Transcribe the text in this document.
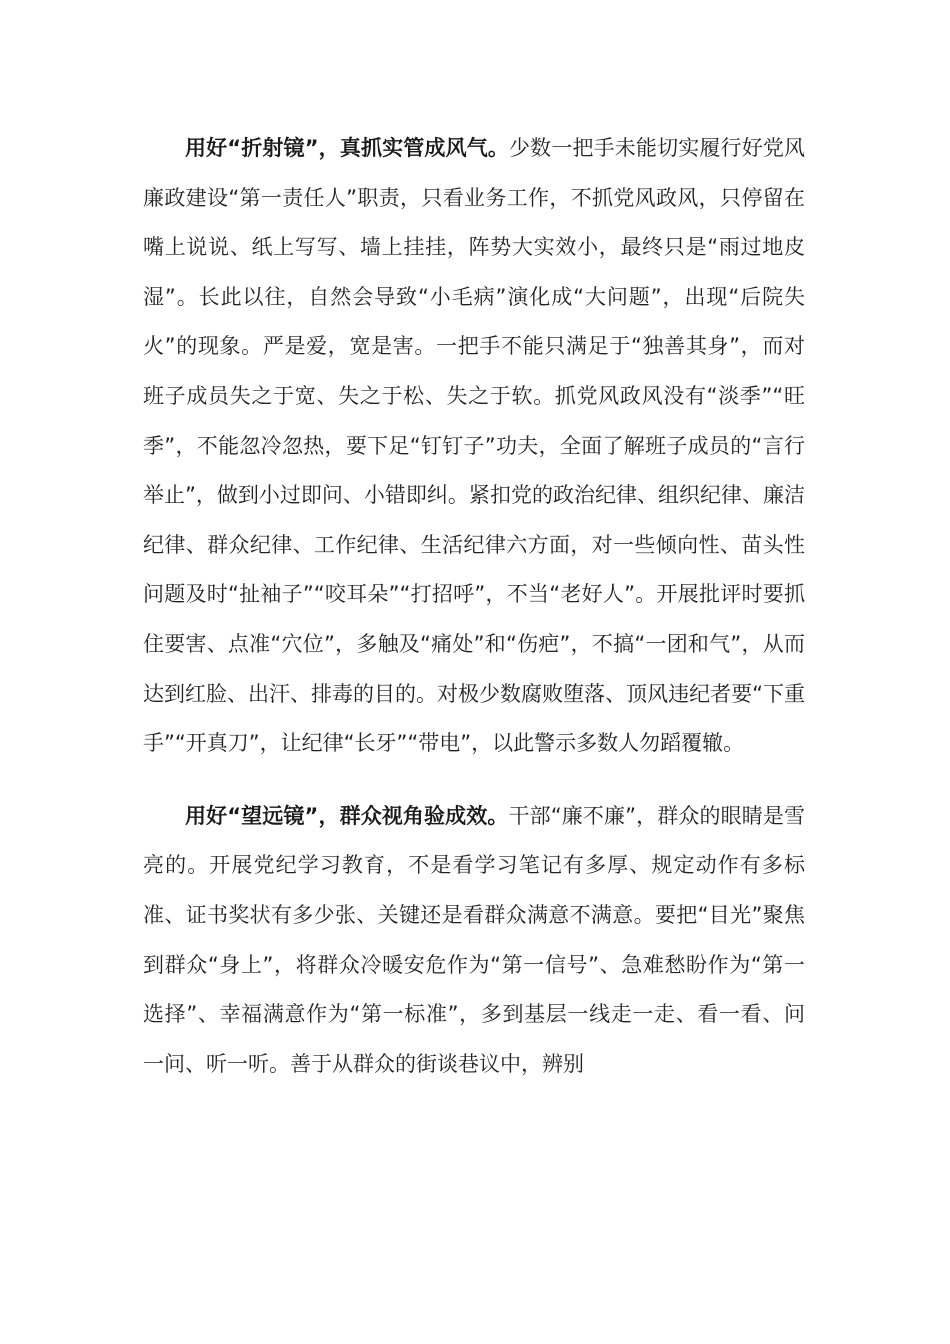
用好“折射镜”，真抓实管成风气。少数一把手未能切实履行好党风廉政建设“第一责任人”职责，只看业务工作，不抓党风政风，只停留在嘴上说说、纸上写写、墙上挂挂，阵势大实效小，最终只是“雨过地皮湿”。长此以往，自然会导致“小毛病”演化成“大问题”，出现“后院失火”的现象。严是爱，宽是害。一把手不能只满足于“独善其身”，而对班子成员失之于宽、失之于松、失之于软。抓党风政风没有“淡季”“旺季”，不能忽冷忽热，要下足“钉钉子”功夫，全面了解班子成员的“言行举止”，做到小过即问、小错即纠。紧扣党的政治纪律、组织纪律、廉洁纪律、群众纪律、工作纪律、生活纪律六方面，对一些倾向性、苗头性问题及时“扯袖子”“咬耳朵”“打招呼”，不当“老好人”。开展批评时要抓住要害、点准“穴位”，多触及“痛处”和“伤疤”，不搞“一团和气”，从而达到红脸、出汗、排毒的目的。对极少数腐败堕落、顶风违纪者要“下重手”“开真刀”，让纪律“长牙”“带电”，以此警示多数人勿蹈覆辙。

用好“望远镜”，群众视角验成效。干部“廉不廉”，群众的眼睛是雪亮的。开展党纪学习教育，不是看学习笔记有多厚、规定动作有多标准、证书奖状有多少张、关键还是看群众满意不满意。要把“目光”聚焦到群众“身上”，将群众冷暖安危作为“第一信号”、急难愁盼作为“第一选择”、幸福满意作为“第一标准”，多到基层一线走一走、看一看、问一问、听一听。善于从群众的街谈巷议中，辨别
